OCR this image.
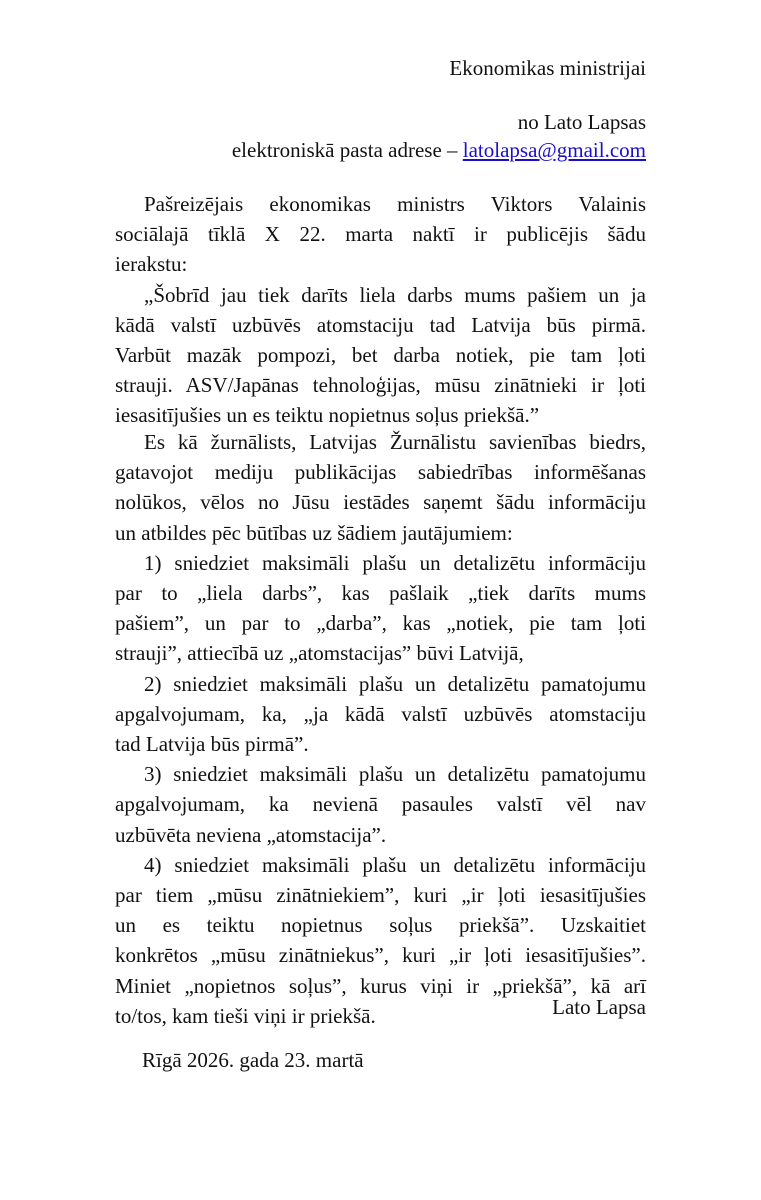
Ekonomikas ministrijai
no Lato Lapsas
elektroniskā pasta adrese – latolapsa@gmail.com
Pašreizējais ekonomikas ministrs Viktors Valainis
sociālajā tīklā X 22. marta naktī ir publicējis šādu
ierakstu:
„Šobrīd jau tiek darīts liela darbs mums pašiem un ja
kādā valstī uzbūvēs atomstaciju tad Latvija būs pirmā.
Varbūt mazāk pompozi, bet darba notiek, pie tam ļoti
strauji. ASV/Japānas tehnoloģijas, mūsu zinātnieki ir ļoti
iesasitījušies un es teiktu nopietnus soļus priekšā.”
Es kā žurnālists, Latvijas Žurnālistu savienības biedrs,
gatavojot mediju publikācijas sabiedrības informēšanas
nolūkos, vēlos no Jūsu iestādes saņemt šādu informāciju
un atbildes pēc būtības uz šādiem jautājumiem:
1) sniedziet maksimāli plašu un detalizētu informāciju
par to „liela darbs”, kas pašlaik „tiek darīts mums
pašiem”, un par to „darba”, kas „notiek, pie tam ļoti
strauji”, attiecībā uz „atomstacijas” būvi Latvijā,
2) sniedziet maksimāli plašu un detalizētu pamatojumu
apgalvojumam, ka, „ja kādā valstī uzbūvēs atomstaciju
tad Latvija būs pirmā”.
3) sniedziet maksimāli plašu un detalizētu pamatojumu
apgalvojumam, ka nevienā pasaules valstī vēl nav
uzbūvēta neviena „atomstacija”.
4) sniedziet maksimāli plašu un detalizētu informāciju
par tiem „mūsu zinātniekiem”, kuri „ir ļoti iesasitījušies
un es teiktu nopietnus soļus priekšā”. Uzskaitiet
konkrētos „mūsu zinātniekus”, kuri „ir ļoti iesasitījušies”.
Miniet „nopietnos soļus”, kurus viņi ir „priekšā”, kā arī
to/tos, kam tieši viņi ir priekšā.	Lato Lapsa
Rīgā 2026. gada 23. martā
